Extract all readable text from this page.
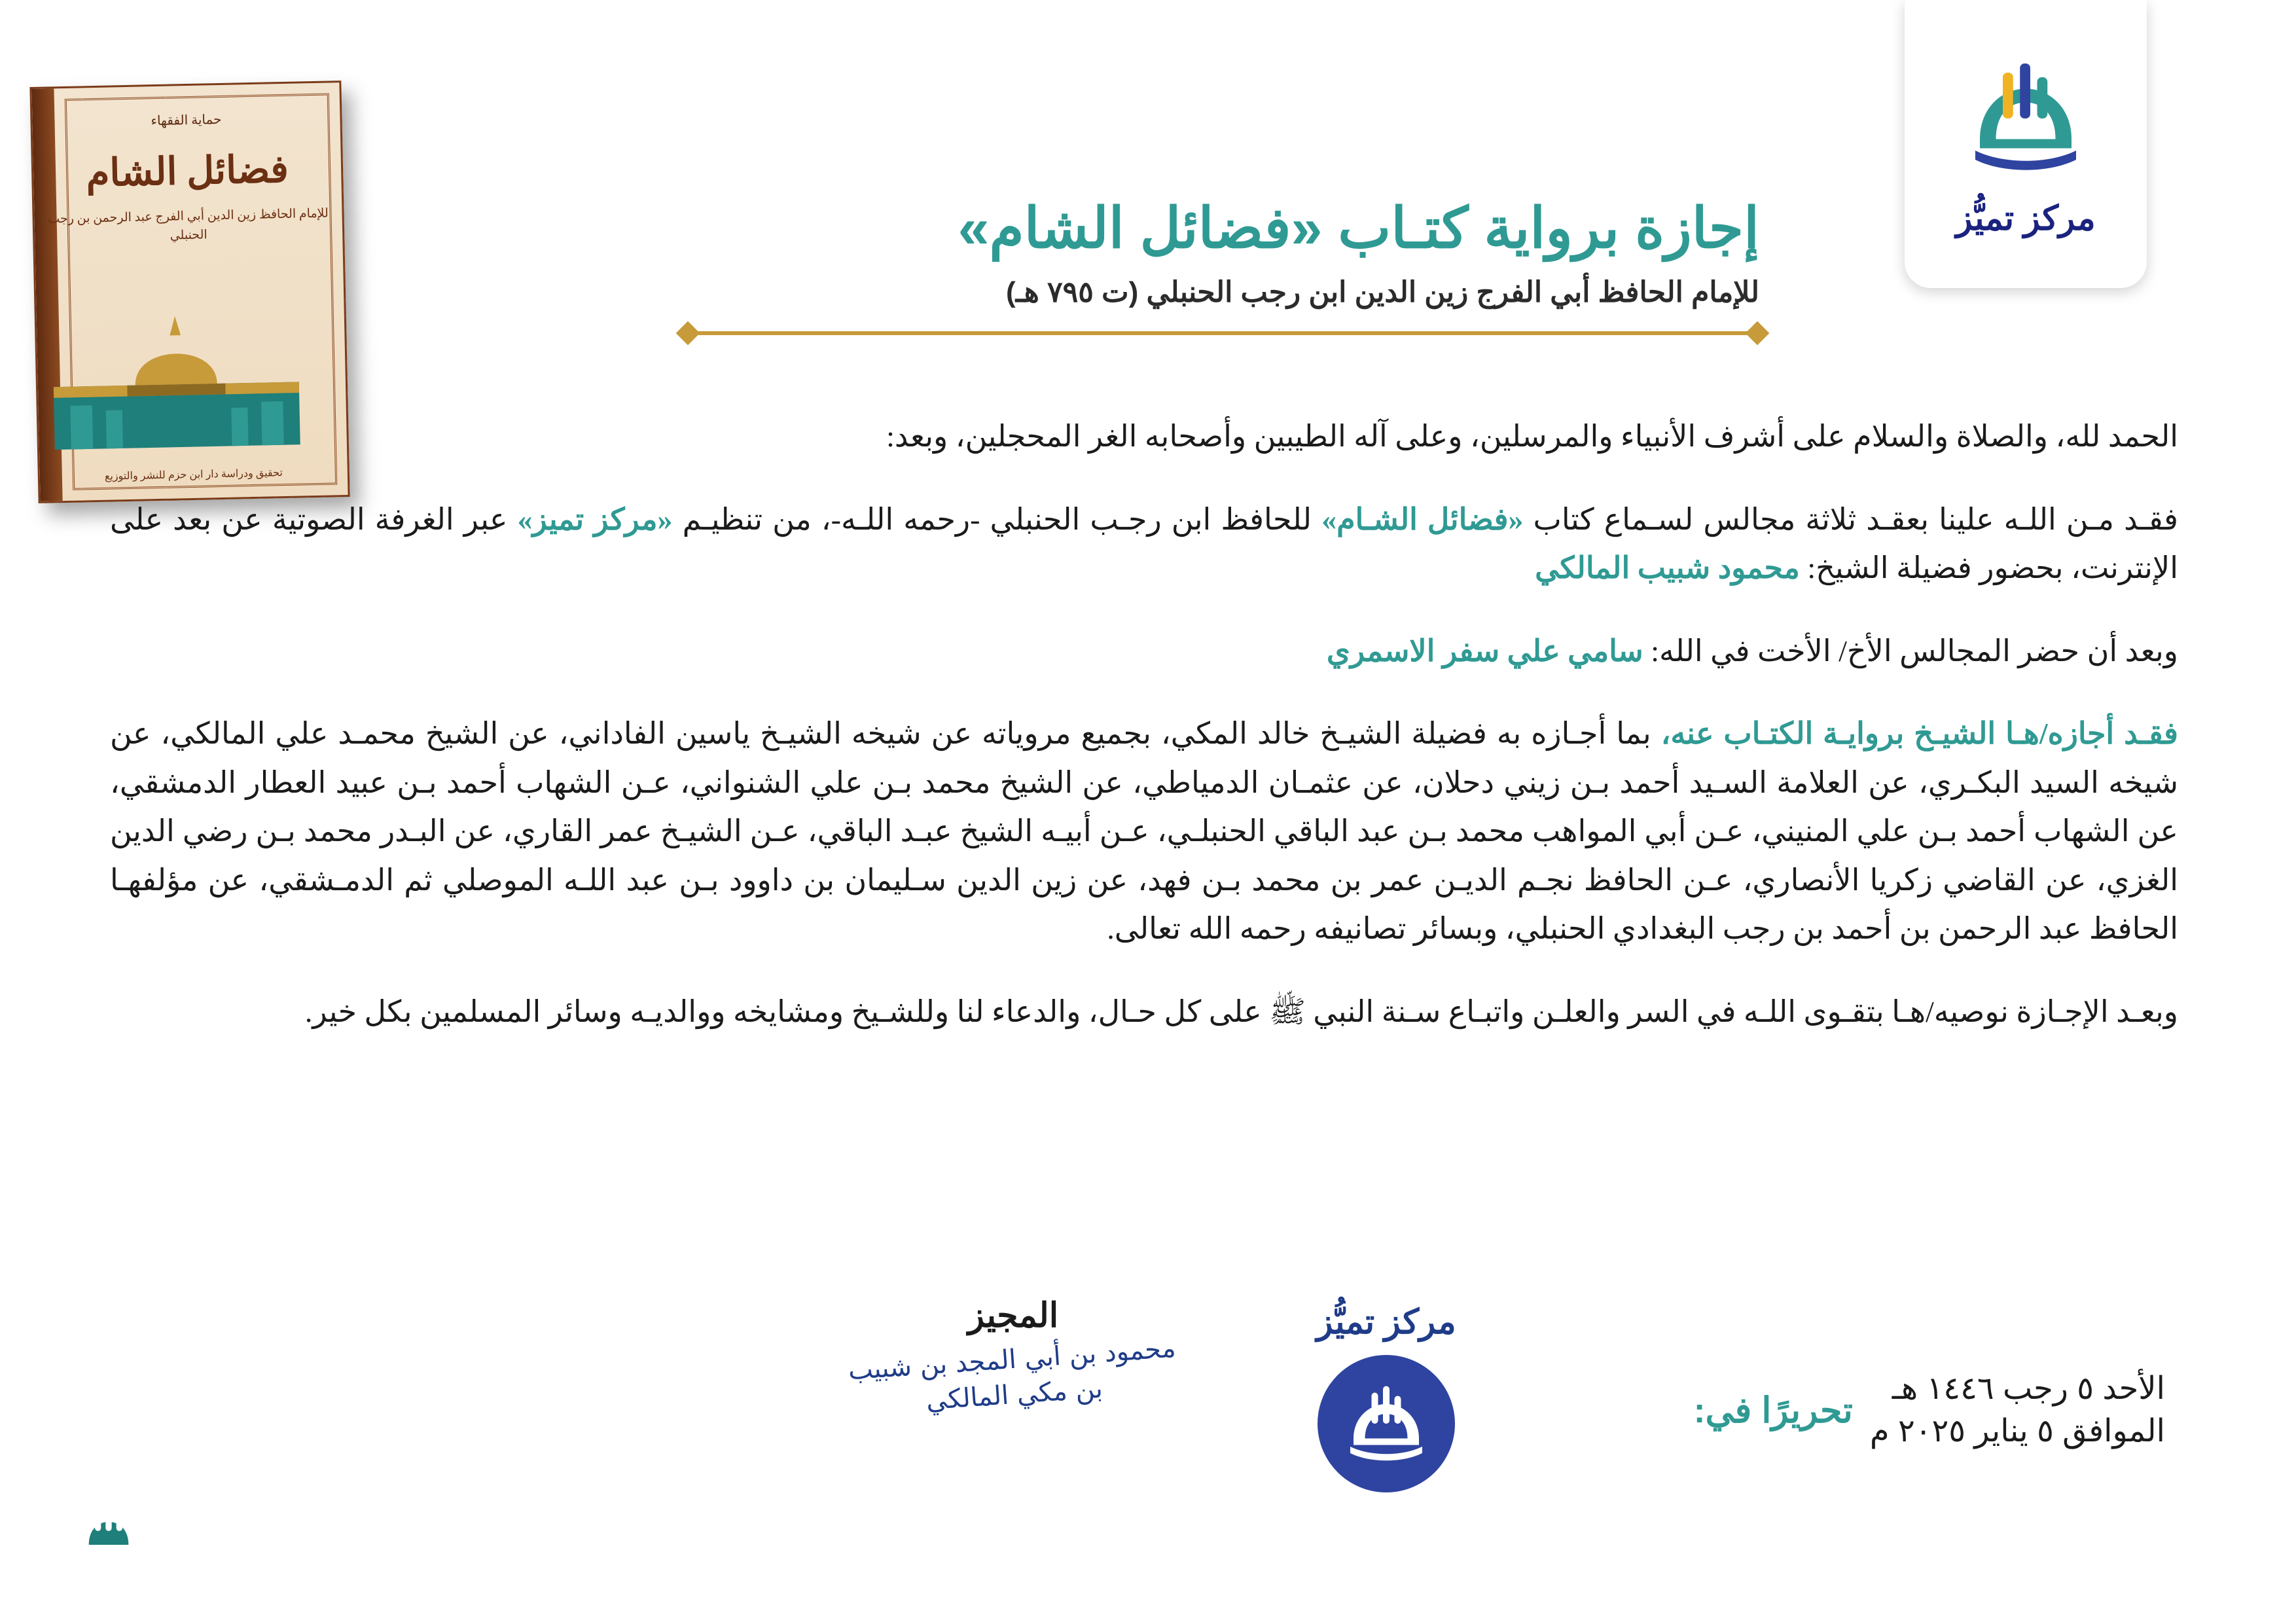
مركز تميُّز
حماية الفقهاء
فضائل الشام
للإمام الحافظ زين الدين أبي الفرج عبد الرحمن بن رجب الحنبلي
تحقيق ودراسة دار ابن حزم للنشر والتوزيع
إجازة برواية كتـاب «فضائل الشام»
للإمام الحافظ أبي الفرج زين الدين ابن رجب الحنبلي (ت ٧٩٥ هـ)

الحمد لله، والصلاة والسلام على أشرف الأنبياء والمرسلين، وعلى آله الطيبين وأصحابه الغر المحجلين، وبعد:

فقـد مـن اللـه علينا بعقـد ثلاثة مجالس لسـماع كتاب «فضائل الشـام» للحافظ ابن رجـب الحنبلي -رحمه اللـه-، من تنظيـم «مركز تميز» عبر الغرفة الصوتية عن بعد على الإنترنت، بحضور فضيلة الشيخ: محمود شبيب المالكي

وبعد أن حضر المجالس الأخ/ الأخت في الله: سامي علي سفر الاسمري

فقـد أجازه/هـا الشيـخ بروايـة الكتـاب عنه، بما أجـازه به فضيلة الشيـخ خالد المكي، بجميع مروياته عن شيخه الشيـخ ياسين الفاداني، عن الشيخ محمـد علي المالكي، عن شيخه السيد البكـري، عن العلامة السـيد أحمد بـن زيني دحلان، عن عثمـان الدمياطي، عن الشيخ محمد بـن علي الشنواني، عـن الشهاب أحمد بـن عبيد العطار الدمشقي، عن الشهاب أحمد بـن علي المنيني، عـن أبي المواهب محمد بـن عبد الباقي الحنبلـي، عـن أبيـه الشيخ عبـد الباقي، عـن الشيـخ عمر القاري، عن البـدر محمد بـن رضي الدين الغزي، عن القاضي زكريا الأنصاري، عـن الحافظ نجـم الديـن عمر بن محمد بـن فهد، عن زين الدين سـليمان بن داوود بـن عبد اللـه الموصلي ثم الدمـشقي، عن مؤلفهـا الحافظ عبد الرحمن بن أحمد بن رجب البغدادي الحنبلي، وبسائر تصانيفه رحمه الله تعالى.

وبعـد الإجـازة نوصيه/هـا بتقـوى اللـه في السر والعلـن واتبـاع سـنة النبي ﷺ على كل حـال، والدعاء لنا وللشـيخ ومشايخه ووالديـه وسائر المسلمين بكل خير.

TamayyuzCenter.com	مركز تميُّز
المجيز
محمود بن أبي المجد بن شبيب بن مكي المالكي	الأحد ٥ رجب ١٤٤٦ هـ
الموافق ٥ يناير ٢٠٢٥ م
تحريرًا في:
